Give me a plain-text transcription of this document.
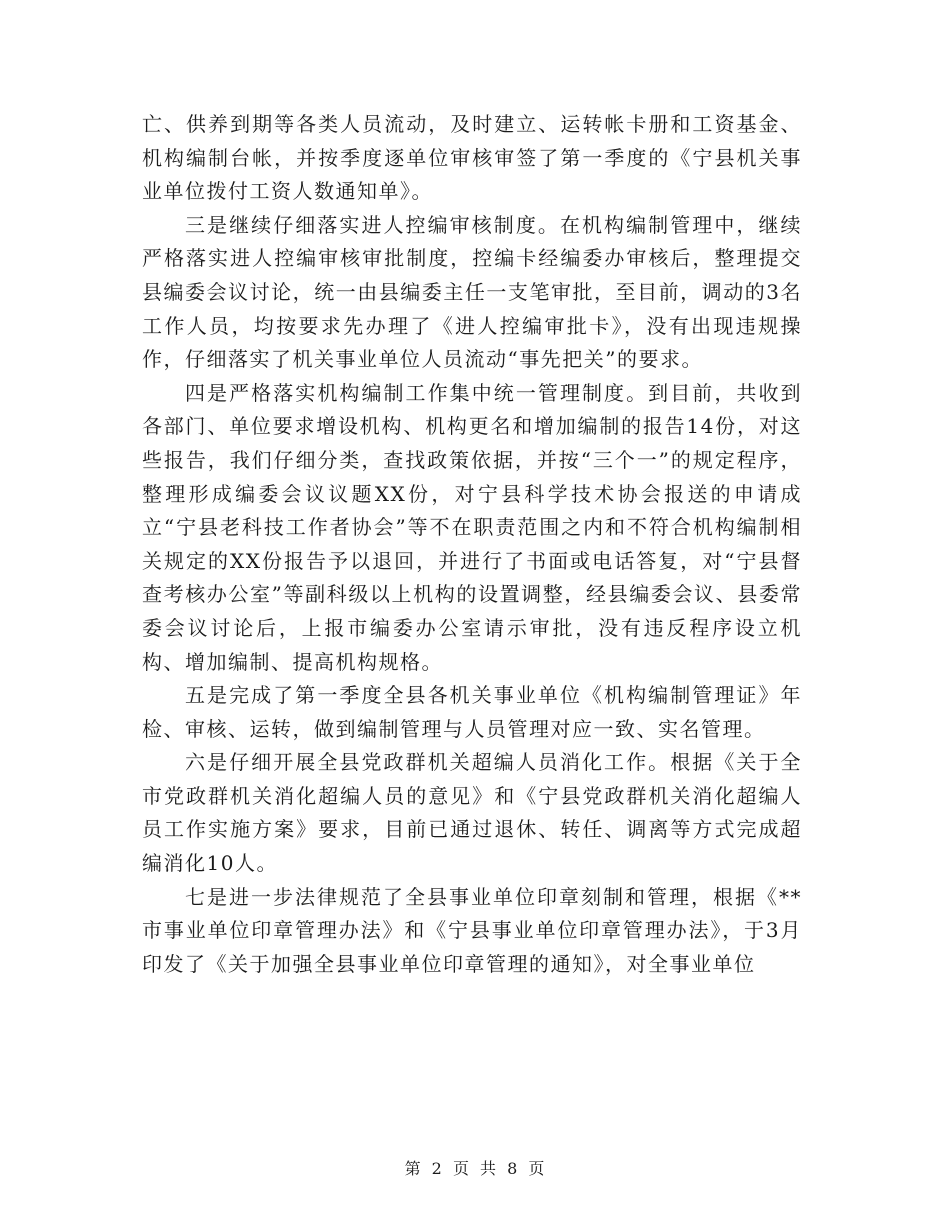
亡、供养到期等各类人员流动，及时建立、运转帐卡册和工资基金、机构编制台帐，并按季度逐单位审核审签了第一季度的《宁县机关事业单位拨付工资人数通知单》。

三是继续仔细落实进人控编审核制度。在机构编制管理中，继续严格落实进人控编审核审批制度，控编卡经编委办审核后，整理提交县编委会议讨论，统一由县编委主任一支笔审批，至目前，调动的3名工作人员，均按要求先办理了《进人控编审批卡》，没有出现违规操作，仔细落实了机关事业单位人员流动“事先把关”的要求。

四是严格落实机构编制工作集中统一管理制度。到目前，共收到各部门、单位要求增设机构、机构更名和增加编制的报告14份，对这些报告，我们仔细分类，查找政策依据，并按“三个一”的规定程序，整理形成编委会议议题XX份，对宁县科学技术协会报送的申请成立“宁县老科技工作者协会”等不在职责范围之内和不符合机构编制相关规定的XX份报告予以退回，并进行了书面或电话答复，对“宁县督查考核办公室”等副科级以上机构的设置调整，经县编委会议、县委常委会议讨论后，上报市编委办公室请示审批，没有违反程序设立机构、增加编制、提高机构规格。

五是完成了第一季度全县各机关事业单位《机构编制管理证》年检、审核、运转，做到编制管理与人员管理对应一致、实名管理。

六是仔细开展全县党政群机关超编人员消化工作。根据《关于全市党政群机关消化超编人员的意见》和《宁县党政群机关消化超编人员工作实施方案》要求，目前已通过退休、转任、调离等方式完成超编消化10人。

七是进一步法律规范了全县事业单位印章刻制和管理，根据《**市事业单位印章管理办法》和《宁县事业单位印章管理办法》，于3月印发了《关于加强全县事业单位印章管理的通知》，对全事业单位

第 2 页 共 8 页
